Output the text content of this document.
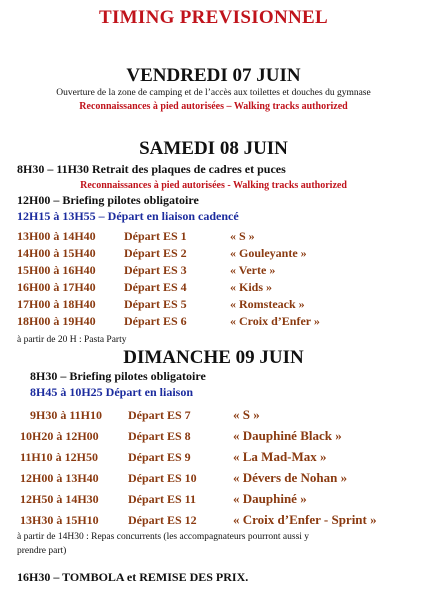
TIMING PREVISIONNEL
VENDREDI 07 JUIN
Ouverture de la zone de camping et de l’accès aux toilettes et douches du gymnase
Reconnaissances à pied autorisées – Walking tracks authorized
SAMEDI 08 JUIN
8H30 – 11H30 Retrait des plaques de cadres et puces
Reconnaissances à pied autorisées - Walking tracks authorized
12H00 – Briefing pilotes obligatoire
12H15 à 13H55 – Départ en liaison cadencé
13H00 à 14H40 Départ ES 1	« S »
14H00 à 15H40 Départ ES 2	« Gouleyante »
15H00 à 16H40 Départ ES 3	« Verte »
16H00 à 17H40 Départ ES 4	« Kids »
17H00 à 18H40 Départ ES 5	« Romsteack »
18H00 à 19H40 Départ ES 6	« Croix d’Enfer »
à partir de 20 H : Pasta Party
DIMANCHE 09 JUIN
8H30 – Briefing pilotes obligatoire
8H45 à 10H25 Départ en liaison
9H30 à 11H10 Départ ES 7	« S »
10H20 à 12H00 Départ ES 8	« Dauphiné Black »
11H10 à 12H50 Départ ES 9	« La Mad-Max »
12H00 à 13H40 Départ ES 10	« Dévers de Nohan »
12H50 à 14H30 Départ ES 11	« Dauphiné »
13H30 à 15H10 Départ ES 12	« Croix d’Enfer - Sprint »
à partir de 14H30 : Repas concurrents (les accompagnateurs pourront aussi y
prendre part)
16H30 – TOMBOLA et REMISE DES PRIX.
